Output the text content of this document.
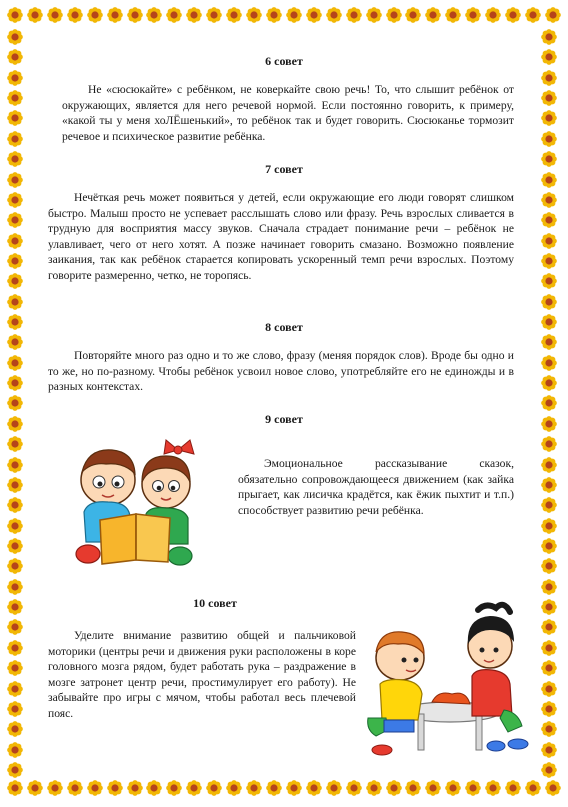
6 совет

Не «сюсюкайте» с ребёнком, не коверкайте свою речь! То, что слышит ребёнок от окружающих, является для него речевой нормой. Если постоянно говорить, к примеру, «какой ты у меня хоЛЁшенький», то ребёнок так и будет говорить. Сюсюканье тормозит речевое и психическое развитие ребёнка.

7 совет

Нечёткая речь может появиться у детей, если окружающие его люди говорят слишком быстро. Малыш просто не успевает расслышать слово или фразу. Речь взрослых сливается в трудную для восприятия массу звуков. Сначала страдает понимание речи – ребёнок не улавливает, чего от него хотят. А позже начинает говорить смазано. Возможно появление заикания, так как ребёнок старается копировать ускоренный темп речи взрослых. Поэтому говорите размеренно, четко, не торопясь.

8 совет

Повторяйте много раз одно и то же слово, фразу (меняя порядок слов). Вроде бы одно и то же, но по-разному. Чтобы ребёнок усвоил новое слово, употребляйте его не единожды и в разных контекстах.

9 совет

Эмоциональное рассказывание сказок, обязательно сопровождающееся движением (как зайка прыгает, как лисичка крадётся, как ёжик пыхтит и т.п.) способствует развитию речи ребёнка.

10 совет

Уделите внимание развитию общей и пальчиковой моторики (центры речи и движения руки расположены в коре головного мозга рядом, будет работать рука – раздражение в мозге затронет центр речи, простимулирует его работу). Не забывайте про игры с мячом, чтобы работал весь плечевой пояс.
